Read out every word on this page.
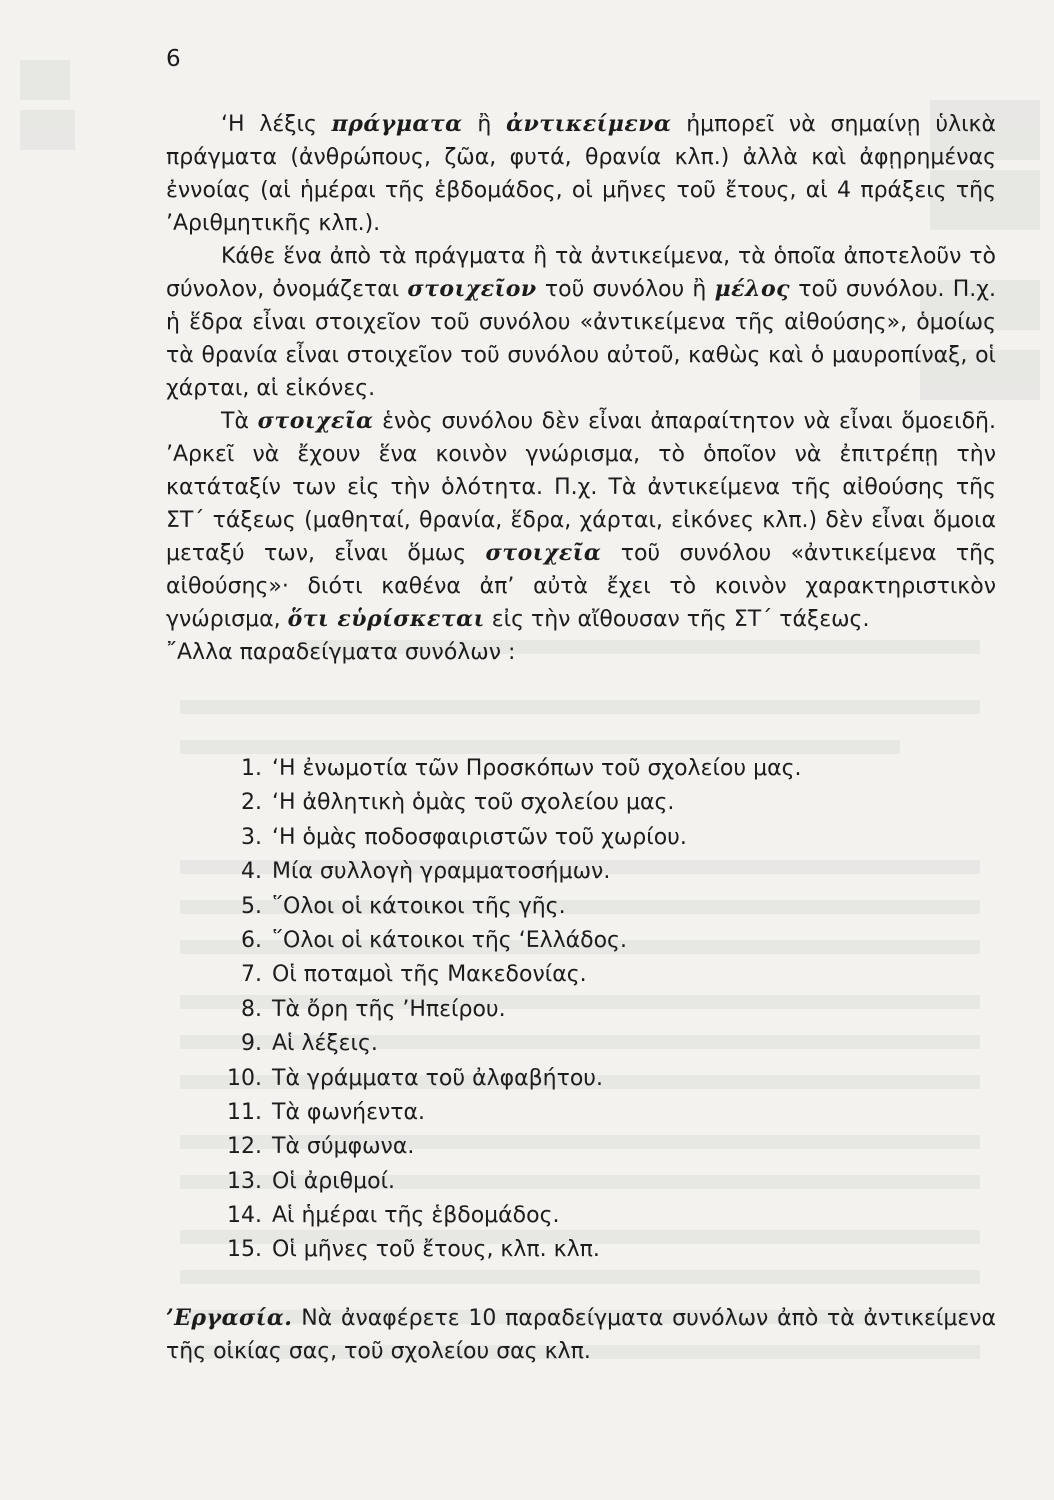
6

‘Η λέξις πράγματα ἢ ἀντικείμενα ἠμπορεῖ νὰ σημαίνῃ ὑλικὰ πράγματα (ἀνθρώπους, ζῶα, φυτά, θρανία κλπ.) ἀλλὰ καὶ ἀφῃρημένας ἐννοίας (αἱ ἡμέραι τῆς ἑβδομάδος, οἱ μῆνες τοῦ ἔτους, αἱ 4 πράξεις τῆς ’Αριθμητικῆς κλπ.).

Κάθε ἕνα ἀπὸ τὰ πράγματα ἢ τὰ ἀντικείμενα, τὰ ὁποῖα ἀποτελοῦν τὸ σύνολον, ὀνομάζεται στοιχεῖον τοῦ συνόλου ἢ μέλος τοῦ συνόλου. Π.χ. ἡ ἕδρα εἶναι στοιχεῖον τοῦ συνόλου «ἀντικείμενα τῆς αἰθούσης», ὁμοίως τὰ θρανία εἶναι στοιχεῖον τοῦ συνόλου αὐτοῦ, καθὼς καὶ ὁ μαυροπίναξ, οἱ χάρται, αἱ εἰκόνες.

Τὰ στοιχεῖα ἑνὸς συνόλου δὲν εἶναι ἀπαραίτητον νὰ εἶναι ὅμοειδῆ. ’Αρκεῖ νὰ ἔχουν ἕνα κοινὸν γνώρισμα, τὸ ὁποῖον νὰ ἐπιτρέπῃ τὴν κατάταξίν των εἰς τὴν ὁλότητα. Π.χ. Τὰ ἀντικείμενα τῆς αἰθούσης τῆς ΣΤ΄ τάξεως (μαθηταί, θρανία, ἕδρα, χάρται, εἰκόνες κλπ.) δὲν εἶναι ὅμοια μεταξύ των, εἶναι ὅμως στοιχεῖα τοῦ συνόλου «ἀντικείμενα τῆς αἰθούσης»· διότι καθένα ἀπ’ αὐτὰ ἔχει τὸ κοινὸν χαρακτηριστικὸν γνώρισμα, ὅτι εὑρίσκεται εἰς τὴν αἴθουσαν τῆς ΣΤ΄ τάξεως.

῎Αλλα παραδείγματα συνόλων :

1. ‘Η ἐνωμοτία τῶν Προσκόπων τοῦ σχολείου μας.
2. ‘Η ἀθλητικὴ ὁμὰς τοῦ σχολείου μας.
3. ‘Η ὁμὰς ποδοσφαιριστῶν τοῦ χωρίου.
4. Μία συλλογὴ γραμματοσήμων.
5. ῞Ολοι οἱ κάτοικοι τῆς γῆς.
6. ῞Ολοι οἱ κάτοικοι τῆς ‘Ελλάδος.
7. Οἱ ποταμοὶ τῆς Μακεδονίας.
8. Τὰ ὄρη τῆς ’Ηπείρου.
9. Αἱ λέξεις.
10. Τὰ γράμματα τοῦ ἀλφαβήτου.
11. Τὰ φωνήεντα.
12. Τὰ σύμφωνα.
13. Οἱ ἀριθμοί.
14. Αἱ ἡμέραι τῆς ἑβδομάδος.
15. Οἱ μῆνες τοῦ ἔτους, κλπ. κλπ.

’Εργασία. Νὰ ἀναφέρετε 10 παραδείγματα συνόλων ἀπὸ τὰ ἀντικείμενα τῆς οἰκίας σας, τοῦ σχολείου σας κλπ.
